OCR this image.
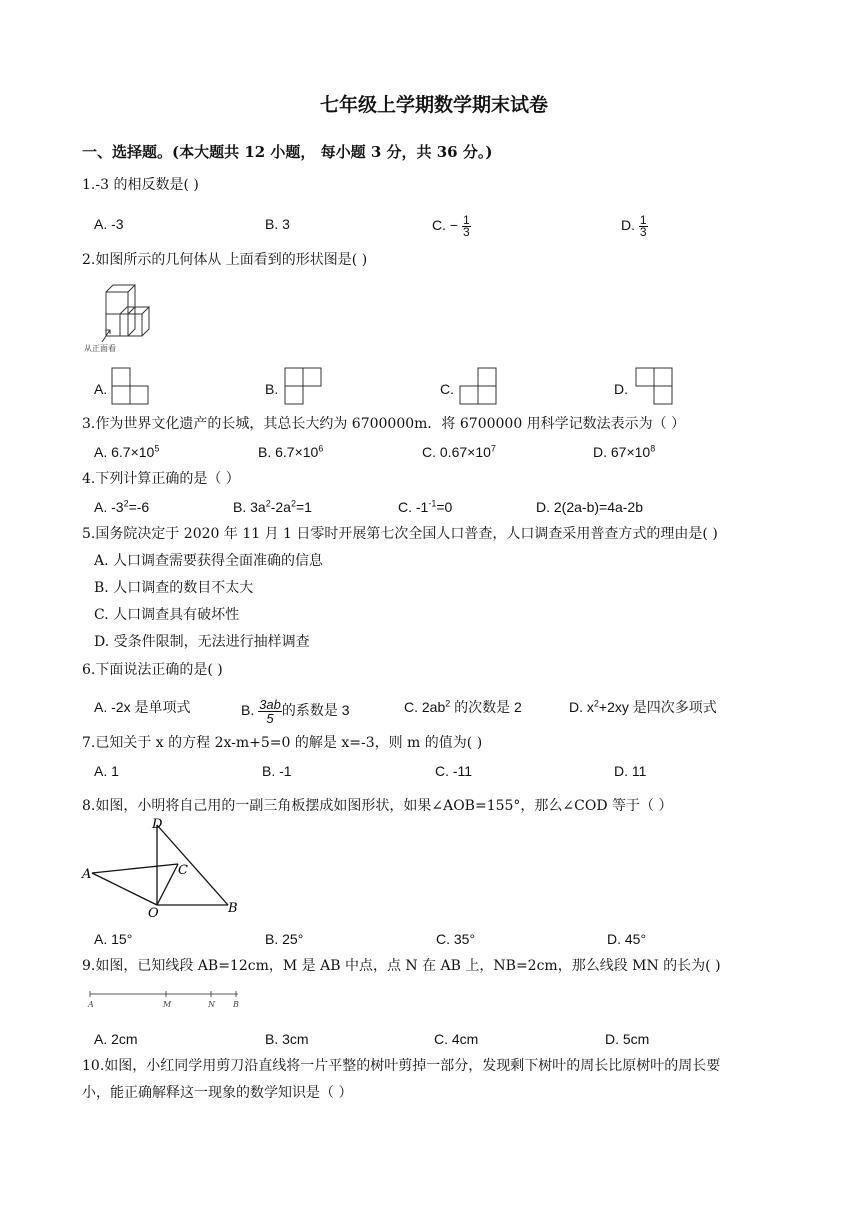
七年级上学期数学期末试卷
一、选择题。(本大题共 12 小题， 每小题 3 分，共 36 分。)
1.-3 的相反数是( )
A. -3	B. 3	C. − $\frac{1}{3}$	D. $\frac{1}{3}$
2.如图所示的几何体从 上面看到的形状图是( )
从正面看
A.	B.	C.	D.
3.作为世界文化遗产的长城，其总长大约为 6700000m．将 6700000 用科学记数法表示为（ ）
A. $6.7\times 10^5$	B. $6.7\times 10^6$	C. $0.67\times 10^7$	D. $67\times 10^8$
4.下列计算正确的是（ ）
A. $-3^2=-6$	B. $3a^2-2a^2=1$	C. $-1^{-1}=0$	D. 2(2a-b)=4a-2b
5.国务院决定于 2020 年 11 月 1 日零时开展第七次全国人口普查，人口调查采用普查方式的理由是( )
A. 人口调查需要获得全面准确的信息
B. 人口调查的数目不太大
C. 人口调查具有破坏性
D. 受条件限制，无法进行抽样调查
6.下面说法正确的是( )
A. -2x 是单项式	B. $\frac{3ab}{5}$ 的系数是 3	C. $2ab^2$ 的次数是 2	D. $x^2+2xy$ 是四次多项式
7.已知关于 x 的方程 2x-m+5=0 的解是 x=-3，则 m 的值为( )
A. 1	B. -1	C. -11	D. 11
8.如图，小明将自己用的一副三角板摆成如图形状，如果∠AOB=155°，那么∠COD 等于（ ）
D
A	C
O	B
A. 15°	B. 25°	C. 35°	D. 45°
9.如图，已知线段 AB=12cm，M 是 AB 中点，点 N 在 AB 上，NB=2cm，那么线段 MN 的长为( )
A	M	N B
A. 2cm	B. 3cm	C. 4cm	D. 5cm
10.如图，小红同学用剪刀沿直线将一片平整的树叶剪掉一部分，发现剩下树叶的周长比原树叶的周长要
小，能正确解释这一现象的数学知识是（ ）
